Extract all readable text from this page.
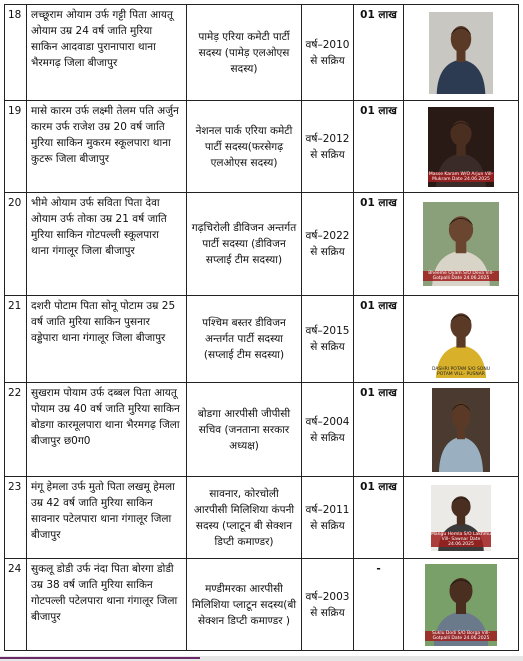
18	लच्छूराम ओयाम उर्फ गट्टी पिता आयतू ओयाम उम्र 24 वर्ष जाति मुरिया साकिन आदवाडा पुरानापारा थाना भैरमगढ़ जिला बीजापुर	पामेड़ एरिया कमेटी पार्टी सदस्य (पामेड़ एलओएस सदस्य)	वर्ष–2010 से सक्रिय	01 लाख	

19	मासे कारम उर्फ लक्ष्मी तेलम पति अर्जुन कारम उर्फ राजेश उम्र 20 वर्ष जाति मुरिया साकिन मुकरम स्कूलपारा थाना कुटरू जिला बीजापुर	नेशनल पार्क एरिया कमेटी पार्टी सदस्य(फरसेगढ़ एलओएस सदस्य)	वर्ष–2012 से सक्रिय	01 लाख	Masse Karam W/O Arjun Vill- Mukram Date 24.06.2025

20	भीमे ओयाम उर्फ सविता पिता देवा ओयाम उर्फ तोका उम्र 21 वर्ष जाति मुरिया साकिन गोटपल्ली स्कूलपारा थाना गंगालूर जिला बीजापुर	गढ़चिरोली डीविजन अन्तर्गत पार्टी सदस्या (डीविजन सप्लाई टीम सदस्या)	वर्ष–2022 से सक्रिय	01 लाख	Bheeme Oyam S/O Deva Vill- Gotpalli Date 24.06.2025

21	दशरी पोटाम पिता सोनू पोटाम उम्र 25 वर्ष जाति मुरिया साकिन पुसनार वड्डेपारा थाना गंगालूर जिला बीजापुर	पश्चिम बस्तर डीविजन अन्तर्गत पार्टी सदस्या (सप्लाई टीम सदस्या)	वर्ष–2015 से सक्रिय	01 लाख	DASHRI POTAM S/O SONU POTAM VILL- PUSNAR

22	सुखराम पोयाम उर्फ दब्बल पिता आयतू पोयाम उम्र 40 वर्ष जाति मुरिया साकिन बोडगा कारमूलपारा थाना भैरमगढ़ जिला बीजापुर छ0ग0	बोडगा आरपीसी जीपीसी सचिव (जनताना सरकार अध्यक्ष)	वर्ष–2004 से सक्रिय	01 लाख	

23	मंगू हेमला उर्फ मुतो पिता लखमू हेमला उम्र 42 वर्ष जाति मुरिया साकिन सावनार पटेलपारा थाना गंगालूर जिला बीजापुर	सावनार, कोरचोली आरपीसी मिलिशिया कंपनी सदस्य (प्लाटून बी सेक्शन डिप्टी कमाण्डर)	वर्ष–2011 से सक्रिय	01 लाख	Mangu Hemla S/O Lakhmu Vill- Sawnar Date 24.06.2025

24	सुकलू डोडी उर्फ नंदा पिता बोरगा डोडी उम्र 38 वर्ष जाति मुरिया साकिन गोटपल्ली पटेलपारा थाना गंगालूर जिला बीजापुर	मण्डीमरका आरपीसी मिलिशिया प्लाटून सदस्य(बी सेक्शन डिप्टी कमाण्डर )	वर्ष–2003 से सक्रिय	-	Suklu Dodi S/O Borga Vill- Gotpalli Date 24.06.2025
